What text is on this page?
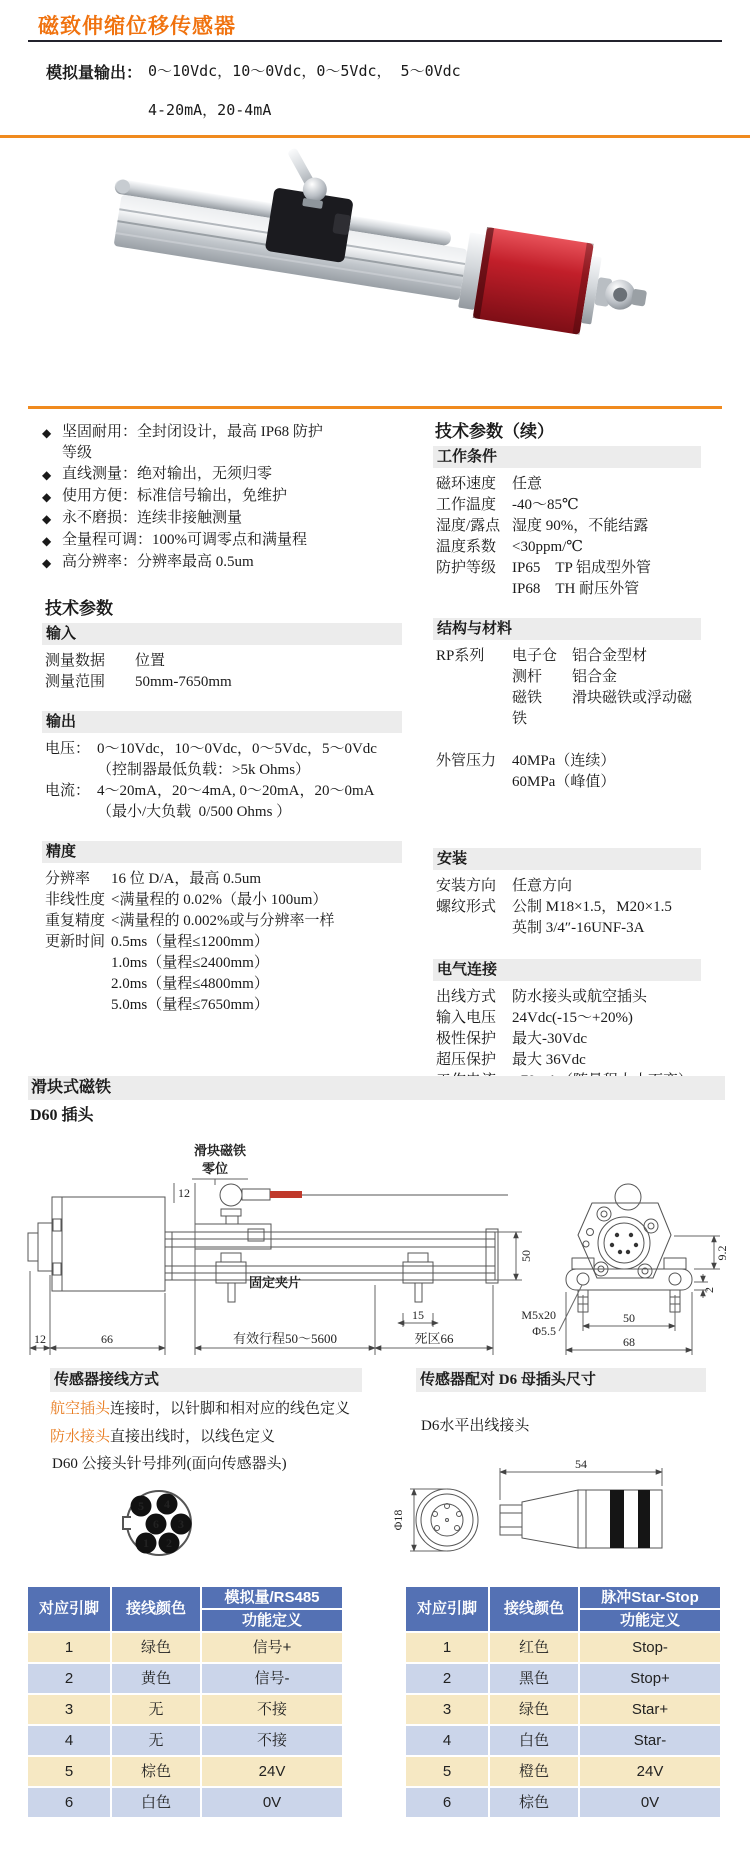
磁致伸缩位移传感器
模拟量输出： 0～10Vdc，10～0Vdc，0～5Vdc， 5～0Vdc
4-20mA，20-4mA
◆ 坚固耐用：全封闭设计，最高 IP68 防护等级
◆ 直线测量：绝对输出，无须归零
◆ 使用方便：标准信号输出，免维护
◆ 永不磨损：连续非接触测量
◆ 全量程可调：100%可调零点和满量程
◆ 高分辨率：分辨率最高 0.5um
技术参数
输入
测量数据	位置
测量范围	50mm-7650mm
输出
电压： 0～10Vdc，10～0Vdc，0～5Vdc，5～0Vdc
（控制器最低负载：>5k Ohms）
电流： 4～20mA，20～4mA, 0～20mA，20～0mA
（最小/大负载  0/500 Ohms ）
精度
分辨率	16 位 D/A，最高 0.5um
非线性度 <满量程的 0.02%（最小 100um）
重复精度 <满量程的 0.002%或与分辨率一样
更新时间 0.5ms（量程≤1200mm）
1.0ms（量程≤2400mm）
2.0ms（量程≤4800mm）
5.0ms（量程≤7650mm）
技术参数（续）
工作条件
磁环速度	任意
工作温度	-40～85℃
湿度/露点 湿度 90%，不能结露
温度系数	<30ppm/℃
防护等级	IP65　TP 铝成型外管
IP68　TH 耐压外管
结构与材料
RP系列	电子仓　铝合金型材
测杆　　铝合金
磁铁　　滑块磁铁或浮动磁铁
外管压力	40MPa（连续）
60MPa（峰值）
安装
安装方向	任意方向
螺纹形式	公制 M18×1.5，M20×1.5
英制 3/4″-16UNF-3A
电气连接
出线方式	防水接头或航空插头
输入电压	24Vdc(-15～+20%)
极性保护	最大-30Vdc
超压保护	最大 36Vdc
滑块式磁铁
D60 插头
滑块磁铁
零位
12
12	66	有效行程50～5600	死区66
15
50
固定夹片
9.2
2
50
68
M5x20
Φ5.5
传感器接线方式
航空插头连接时，以针脚和相对应的线色定义
防水接头直接出线时，以线色定义
传感器配对 D6 母插头尺寸
D6水平出线接头
D60 公接头针号排列(面向传感器头)
5 4
6 3
1 2
Φ18
54
对应引脚	接线颜色
模拟量/RS485
功能定义
1	绿色	信号+
2	黄色	信号-
3	无	不接
4	无	不接
5	棕色	24V
6	白色	0V
对应引脚	接线颜色
脉冲Star-Stop
功能定义
1	红色	Stop-
2	黑色	Stop+
3	绿色	Star+
4	白色	Star-
5	橙色	24V
6	棕色	0V
